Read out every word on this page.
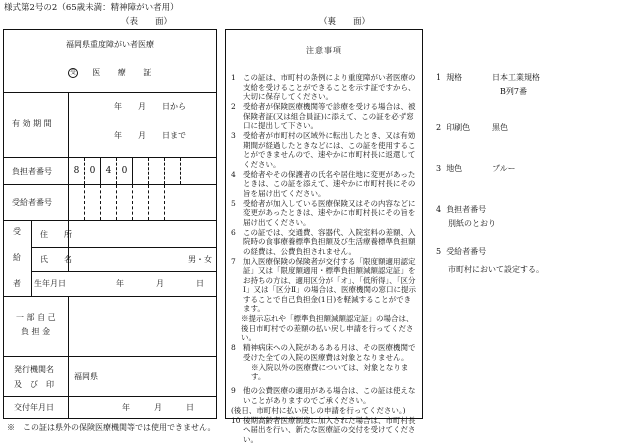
様式第2号の2（65歳未満：精神障がい者用）
（表　　面）	（裏　　面）
福岡県重度障がい者医療
受 医　　療　　証
有 効 期 間
年　　月　　日から
年　　月　　日まで
負担者番号	8	0	4	0
受給者番号
受
給
者
住　　所
氏　　名	男・女
生年月日	年　　　　月　　　　日
一 部 自 己
負 担 金
発行機関名
及　び　印
福岡県
交付年月日	年　　　月　　　日
注意事項
1 この証は、市町村の条例により重度障がい者医療の支給を受けることができることを示す証ですから、大切に保存してください。
2 受給者が保険医療機関等で診療を受ける場合は、被保険者証(又は組合員証)に添えて、この証を必ず窓口に提出して下さい。
3 受給者が市町村の区域外に転出したとき、又は有効期間が経過したときなどには、この証を使用することができませんので、速やかに市町村長に返還してください。
4 受給者やその保護者の氏名や居住地に変更があったときは、この証を添えて、速やかに市町村長にその旨を届け出てください。
5 受給者が加入している医療保険又はその内容などに変更があったときは、速やかに市町村長にその旨を届け出てください。
6 この証では、交通費、容器代、入院室料の差額、入院時の食事療養標準負担額及び生活療養標準負担額の経費は、公費負担されません。
7 加入医療保険の保険者が交付する「限度額適用認定証」又は「限度額適用・標準負担額減額認定証」をお持ちの方は、適用区分が「オ」、「低所得」、「区分Ⅰ」又は「区分Ⅱ」の場合は、医療機関の窓口に提示することで自己負担金(1日)を軽減することができます。
※提示忘れや「標準負担額減額認定証」の場合は、後日市町村での差額の払い戻し申請を行ってください。
8 精神病床への入院があるある月は、その医療機関で受けた全ての入院の医療費は対象となりません。
※入院以外の医療費については、対象となります。
9 他の公費医療の適用がある場合は、この証は使えないことがありますのでご承ください。
(後日、市町村に払い戻しの申請を行ってください。)
10 後期高齢者医療制度に加入された場合は、市町村長へ届出を行い、新たな医療証の交付を受けてください。
1 規格	日本工業規格
B列7番
2 印刷色	黒色
3 地色	ブルー
4 負担者番号
別紙のとおり
5 受給者番号
市町村において設定する。
※　この証は県外の保険医療機関等では使用できません。
